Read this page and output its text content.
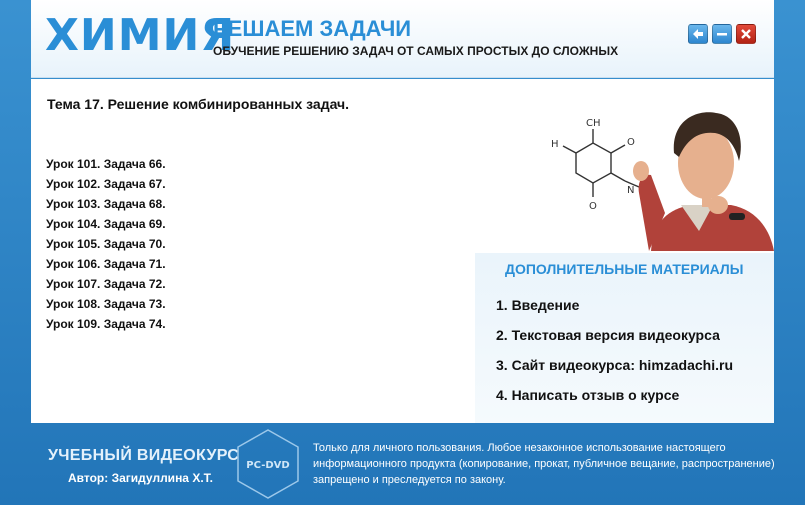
ХИМИЯ
РЕШАЕМ ЗАДАЧИ
ОБУЧЕНИЕ РЕШЕНИЮ ЗАДАЧ ОТ САМЫХ ПРОСТЫХ ДО СЛОЖНЫХ
Тема 17. Решение комбинированных задач.
Урок 101. Задача 66.
Урок 102. Задача 67.
Урок 103. Задача 68.
Урок 104. Задача 69.
Урок 105. Задача 70.
Урок 106. Задача 71.
Урок 107. Задача 72.
Урок 108. Задача 73.
Урок 109. Задача 74.
CH
O
N
O
H
ДОПОЛНИТЕЛЬНЫЕ МАТЕРИАЛЫ
1. Введение
2. Текстовая версия видеокурса
3. Сайт видеокурса: himzadachi.ru
4. Написать отзыв о курсе
УЧЕБНЫЙ ВИДЕОКУРС
Автор: Загидуллина Х.Т.
PC-DVD
Только для личного пользования. Любое незаконное использование настоящего информационного продукта (копирование, прокат, публичное вещание, распространение) запрещено и преследуется по закону.
